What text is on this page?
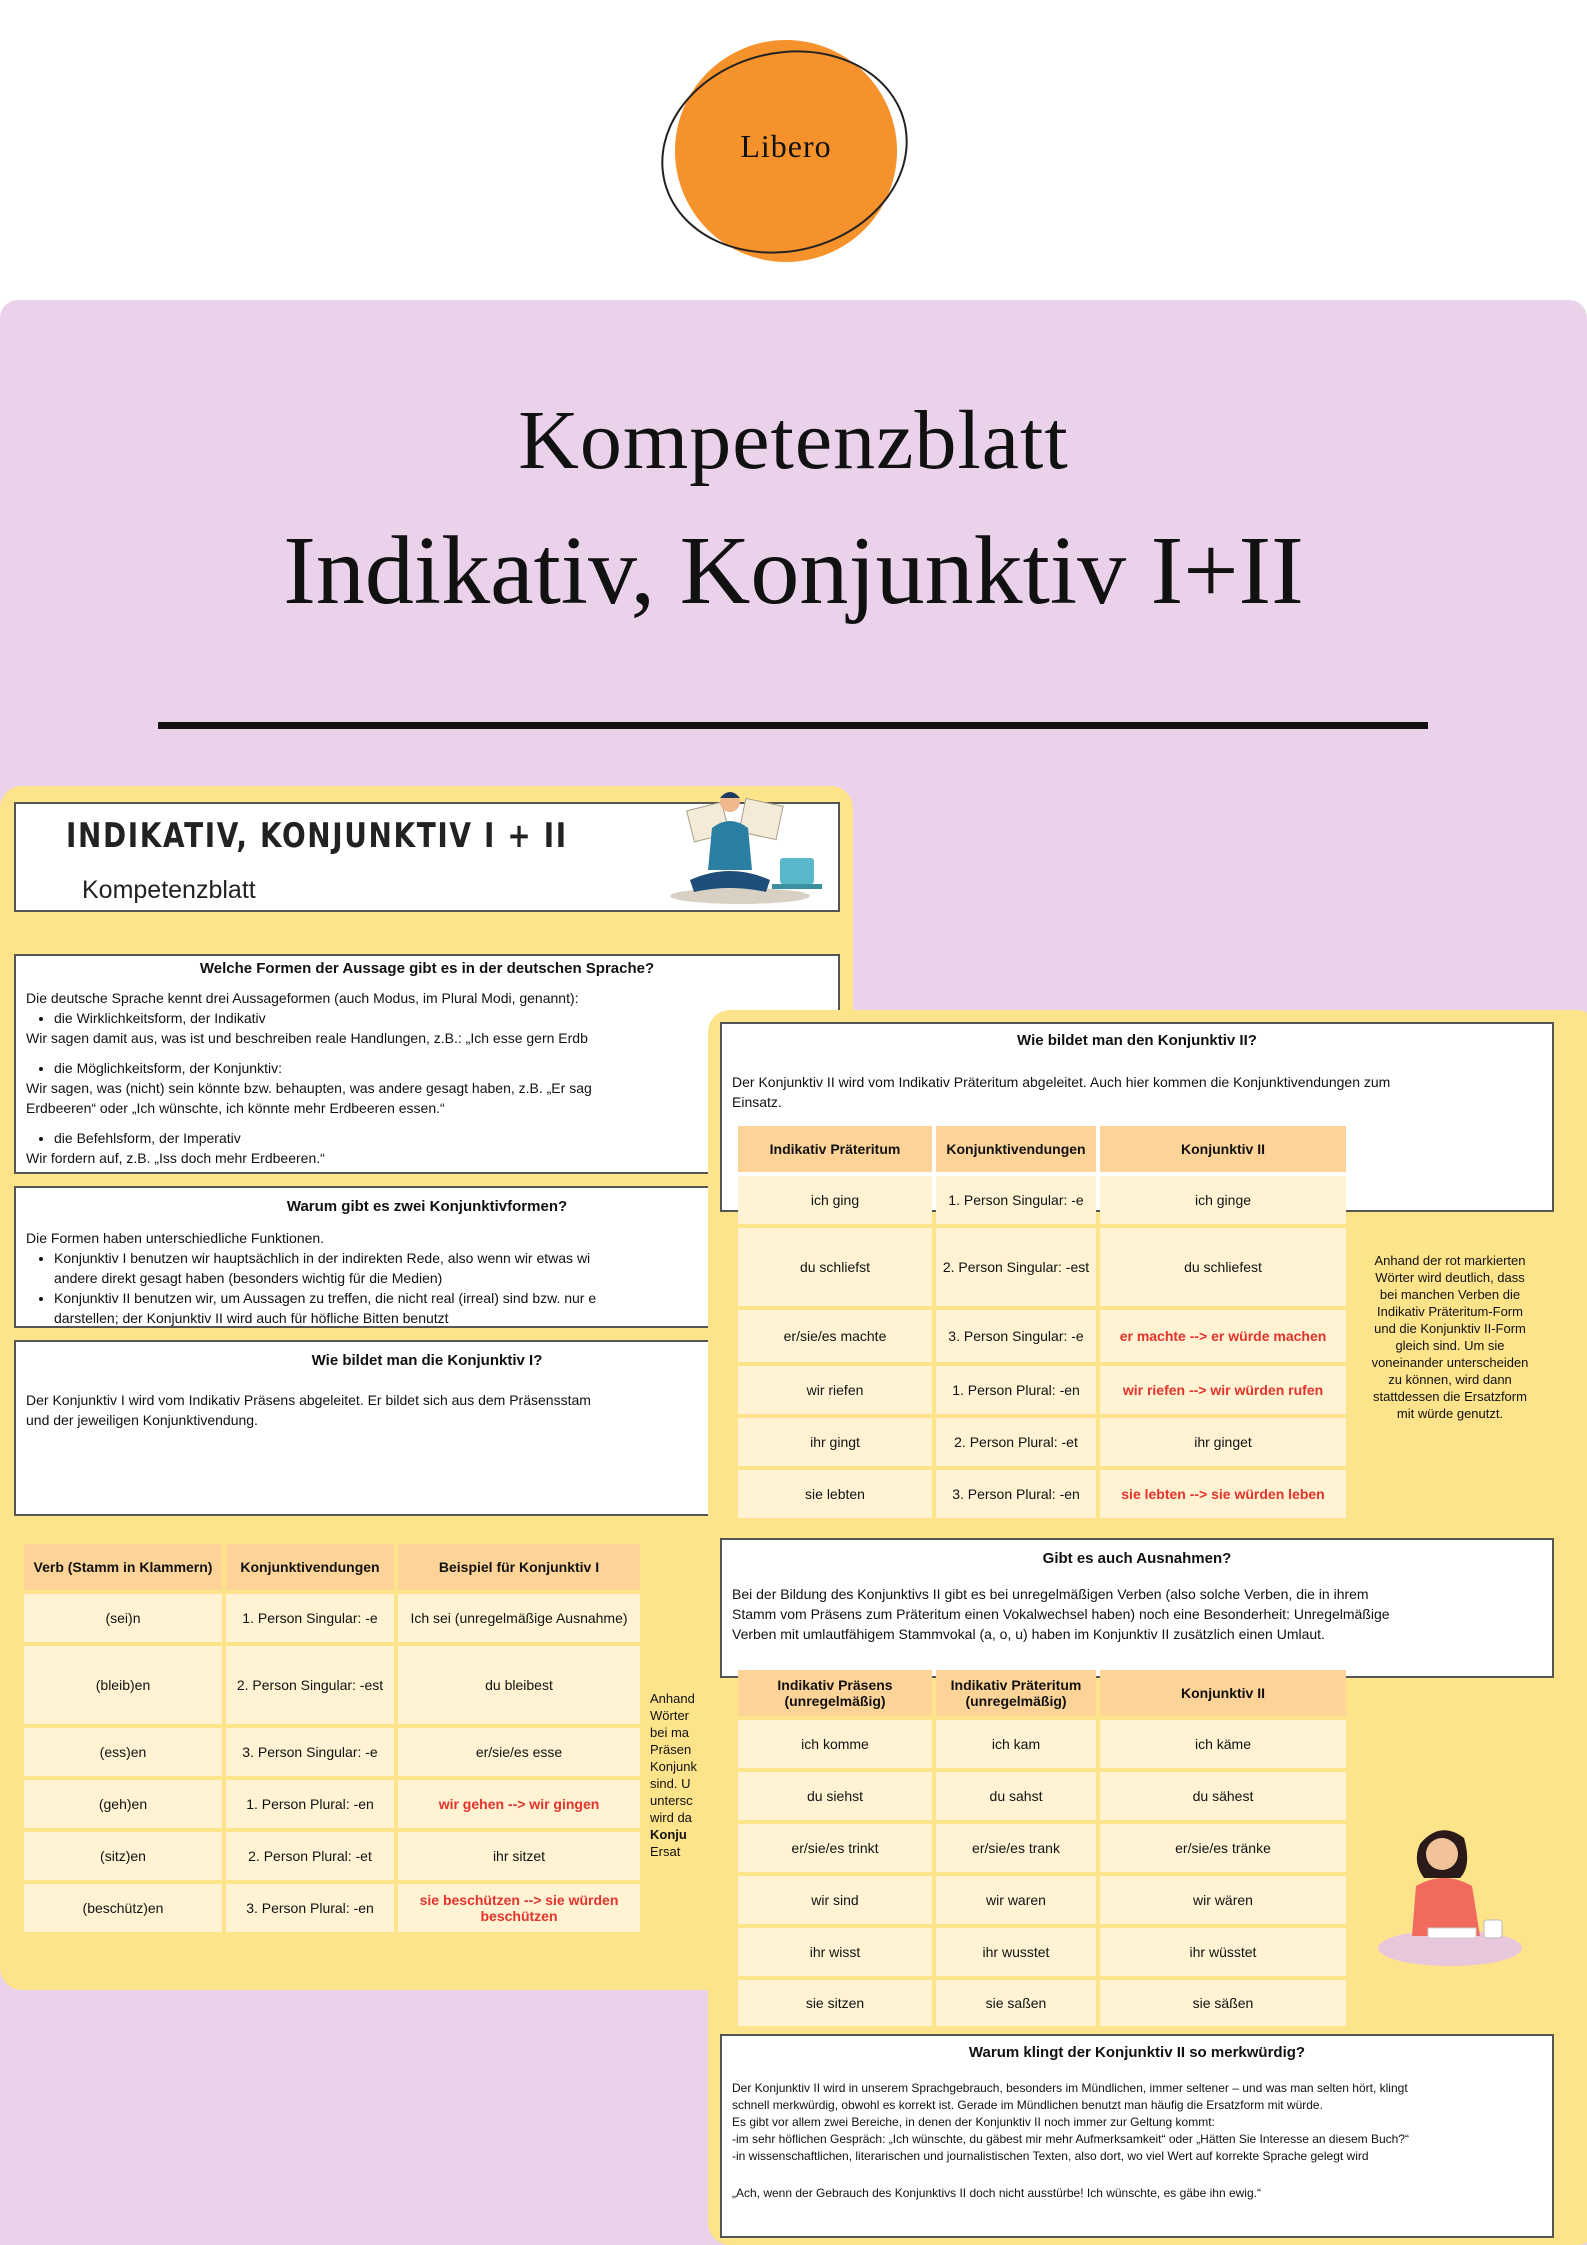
Libero
Kompetenzblatt
Indikativ, Konjunktiv I+II
INDIKATIV, KONJUNKTIV I + II
Kompetenzblatt
Welche Formen der Aussage gibt es in der deutschen Sprache?
Die deutsche Sprache kennt drei Aussageformen (auch Modus, im Plural Modi, genannt):
• die Wirklichkeitsform, der Indikativ
Wir sagen damit aus, was ist und beschreiben reale Handlungen, z.B.: „Ich esse gern Erdb
• die Möglichkeitsform, der Konjunktiv:
Wir sagen, was (nicht) sein könnte bzw. behaupten, was andere gesagt haben, z.B. „Er sag
Erdbeeren“ oder „Ich wünschte, ich könnte mehr Erdbeeren essen.“
• die Befehlsform, der Imperativ
Wir fordern auf, z.B. „Iss doch mehr Erdbeeren.“
Warum gibt es zwei Konjunktivformen?
Die Formen haben unterschiedliche Funktionen.
• Konjunktiv I benutzen wir hauptsächlich in der indirekten Rede, also wenn wir etwas wi
andere direkt gesagt haben (besonders wichtig für die Medien)
• Konjunktiv II benutzen wir, um Aussagen zu treffen, die nicht real (irreal) sind bzw. nur e
darstellen; der Konjunktiv II wird auch für höfliche Bitten benutzt
Wie bildet man die Konjunktiv I?
Der Konjunktiv I wird vom Indikativ Präsens abgeleitet. Er bildet sich aus dem Präsensstam
und der jeweiligen Konjunktivendung.
Verb (Stamm in Klammern)	Konjunktivendungen	Beispiel für Konjunktiv I
(sei)n	1. Person Singular: -e	Ich sei (unregelmäßige Ausnahme)
(bleib)en	2. Person Singular: -est	du bleibest
(ess)en	3. Person Singular: -e	er/sie/es esse
(geh)en	1. Person Plural: -en	wir gehen --> wir gingen
(sitz)en	2. Person Plural: -et	ihr sitzet
(beschütz)en	3. Person Plural: -en	sie beschützen --> sie würden beschützen
Anhand
Wörter
bei ma
Präsen
Konjunk
sind. U
untersc
wird da
Konju
Ersat
Wie bildet man den Konjunktiv II?
Der Konjunktiv II wird vom Indikativ Präteritum abgeleitet. Auch hier kommen die Konjunktivendungen zum
Einsatz.
Indikativ Präteritum	Konjunktivendungen	Konjunktiv II
ich ging	1. Person Singular: -e	ich ginge
du schliefst	2. Person Singular: -est	du schliefest
er/sie/es machte	3. Person Singular: -e	er machte --> er würde machen
wir riefen	1. Person Plural: -en	wir riefen --> wir würden rufen
ihr gingt	2. Person Plural: -et	ihr ginget
sie lebten	3. Person Plural: -en	sie lebten --> sie würden leben
Anhand der rot markierten
Wörter wird deutlich, dass
bei manchen Verben die
Indikativ Präteritum-Form
und die Konjunktiv II-Form
gleich sind. Um sie
voneinander unterscheiden
zu können, wird dann
stattdessen die Ersatzform
mit würde genutzt.
Gibt es auch Ausnahmen?
Bei der Bildung des Konjunktivs II gibt es bei unregelmäßigen Verben (also solche Verben, die in ihrem
Stamm vom Präsens zum Präteritum einen Vokalwechsel haben) noch eine Besonderheit: Unregelmäßige
Verben mit umlautfähigem Stammvokal (a, o, u) haben im Konjunktiv II zusätzlich einen Umlaut.
Indikativ Präsens (unregelmäßig)	Indikativ Präteritum (unregelmäßig)	Konjunktiv II
ich komme	ich kam	ich käme
du siehst	du sahst	du sähest
er/sie/es trinkt	er/sie/es trank	er/sie/es tränke
wir sind	wir waren	wir wären
ihr wisst	ihr wusstet	ihr wüsstet
sie sitzen	sie saßen	sie säßen
Warum klingt der Konjunktiv II so merkwürdig?
Der Konjunktiv II wird in unserem Sprachgebrauch, besonders im Mündlichen, immer seltener – und was man selten hört, klingt
schnell merkwürdig, obwohl es korrekt ist. Gerade im Mündlichen benutzt man häufig die Ersatzform mit würde.
Es gibt vor allem zwei Bereiche, in denen der Konjunktiv II noch immer zur Geltung kommt:
-im sehr höflichen Gespräch: „Ich wünschte, du gäbest mir mehr Aufmerksamkeit“ oder „Hätten Sie Interesse an diesem Buch?“
-in wissenschaftlichen, literarischen und journalistischen Texten, also dort, wo viel Wert auf korrekte Sprache gelegt wird
„Ach, wenn der Gebrauch des Konjunktivs II doch nicht ausstürbe! Ich wünschte, es gäbe ihn ewig.“
